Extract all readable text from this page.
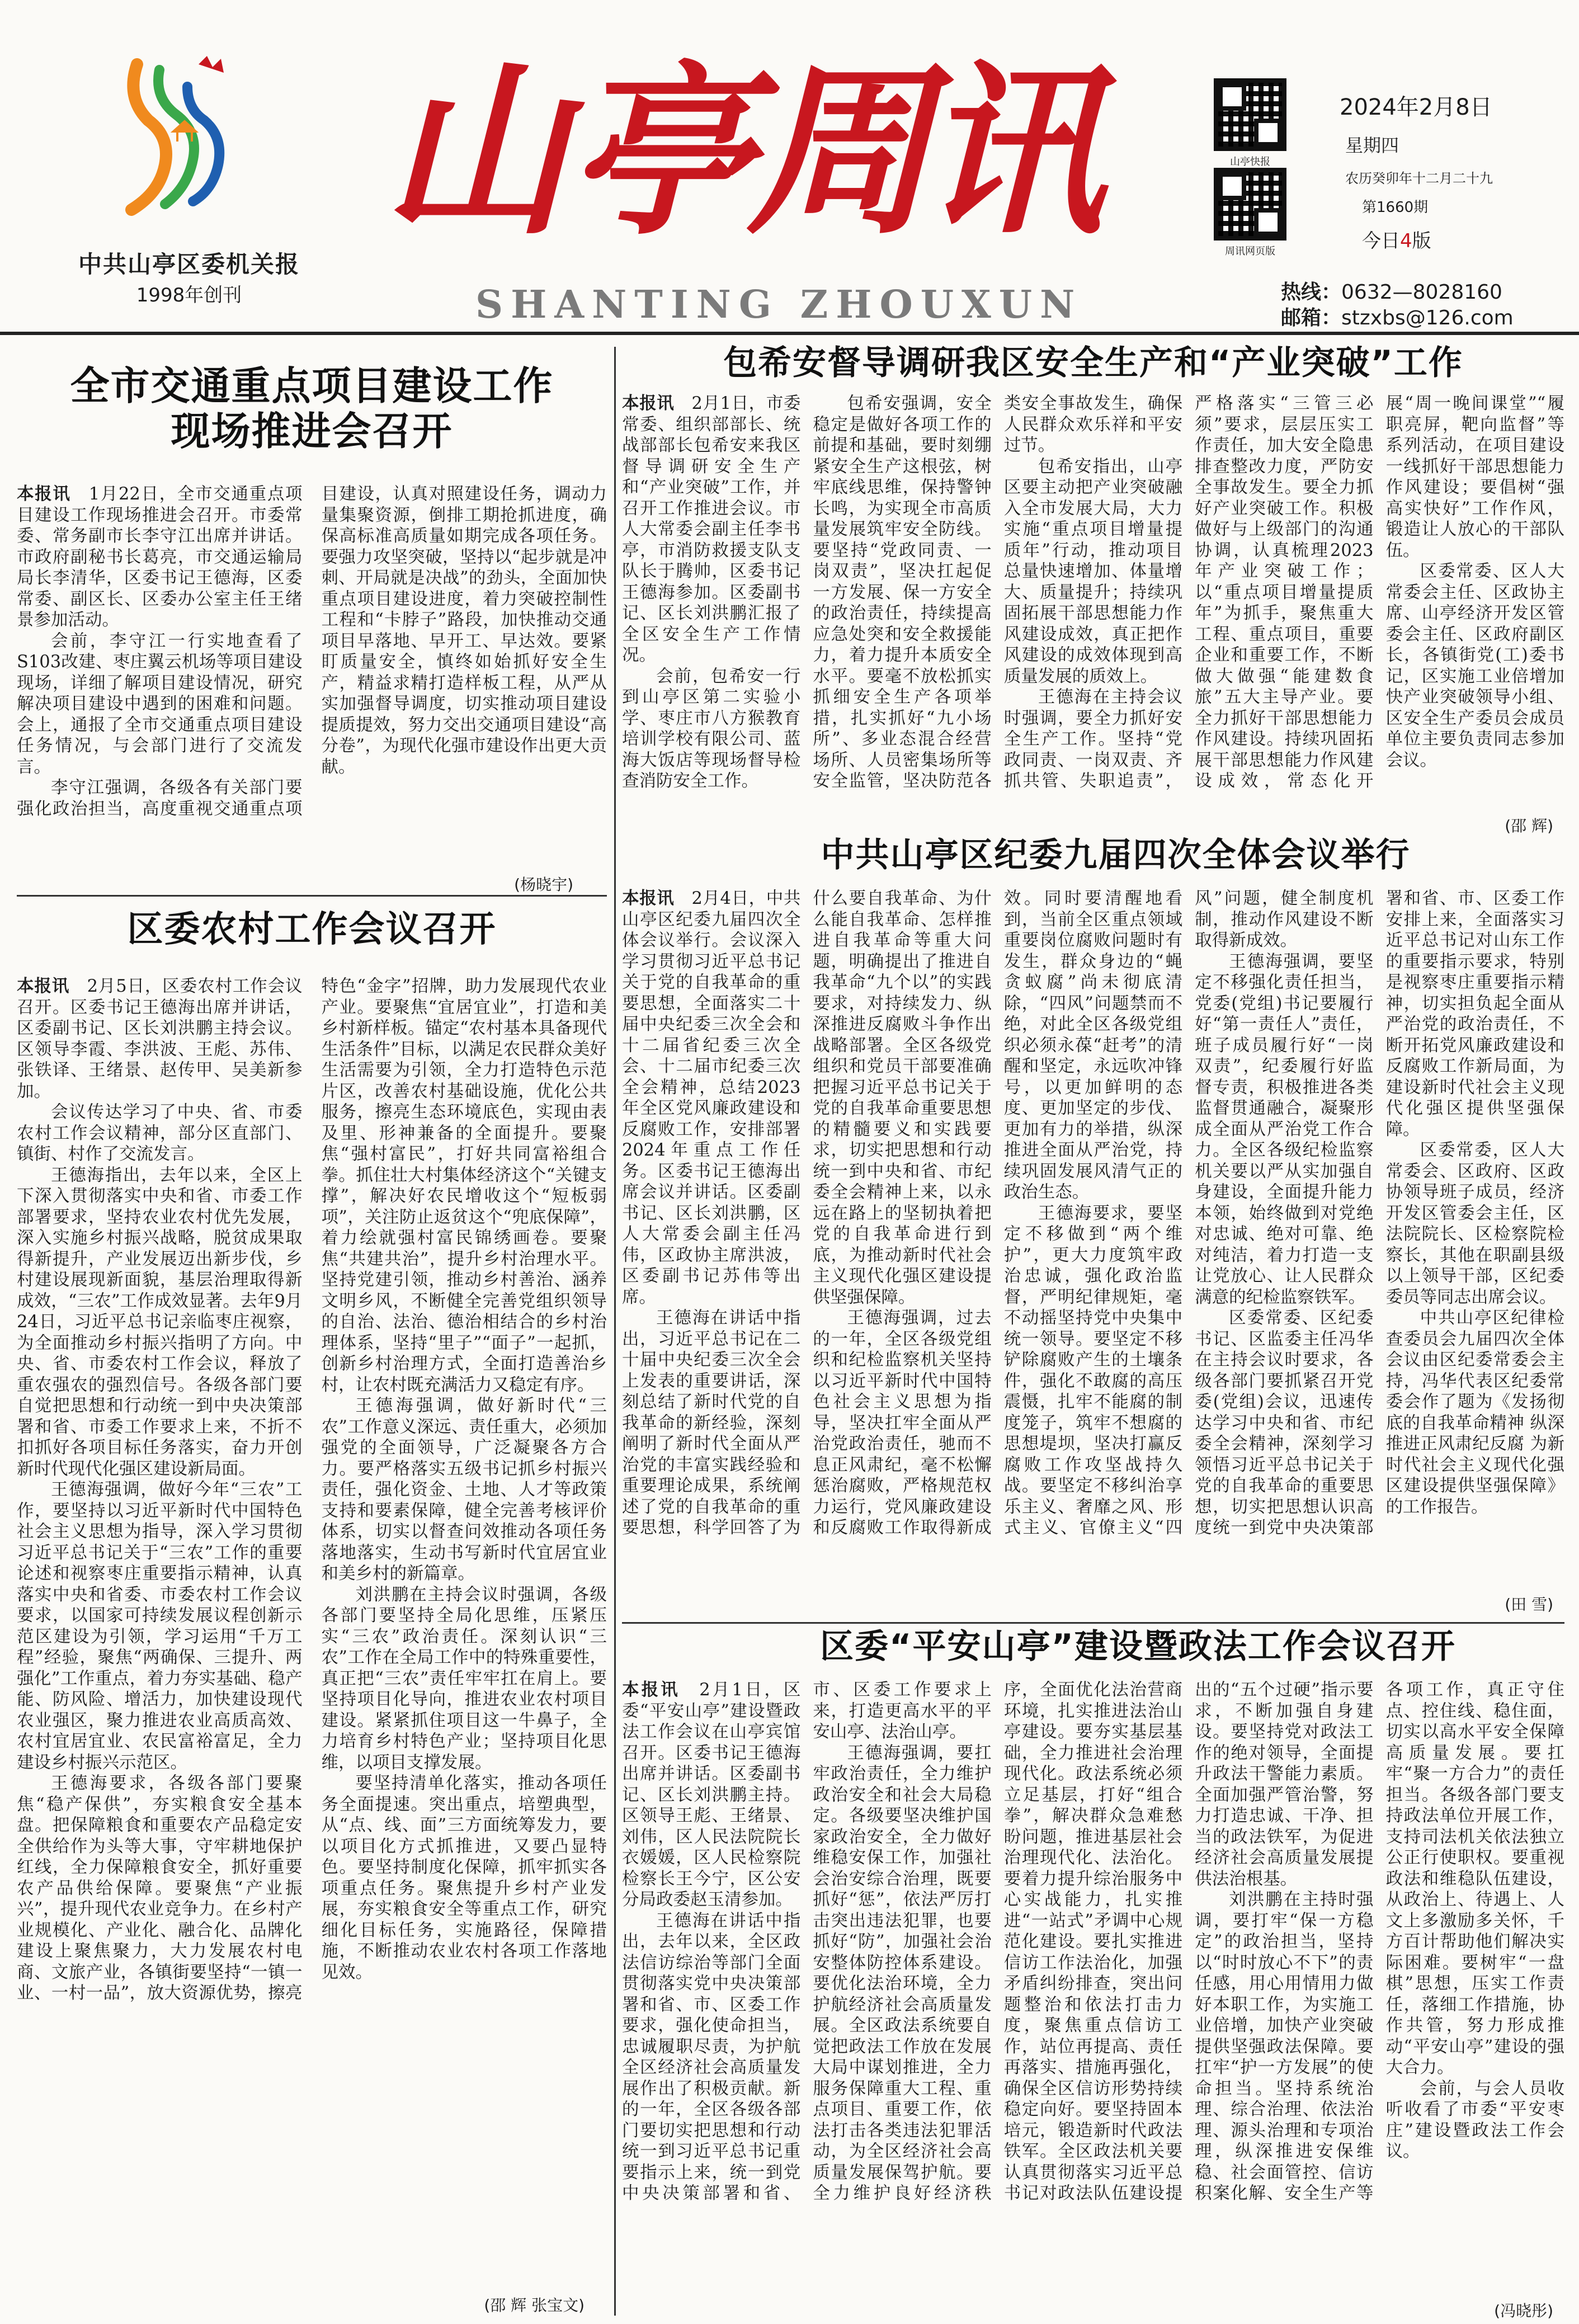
中共山亭区委机关报
1998年创刊
山 亭
周
讯
SHANTING ZHOUXUN
山亭快报
周讯网页版
2024年2月8日
星期四
农历癸卯年十二月二十九
第1660期
今日4版
热线：0632—8028160
邮箱：stzxbs@126.com
全市交通重点项目建设工作现场推进会召开

本报讯　 1月22日，全市交通重点项目建设工作现场推进会召开。市委常委、常务副市长李守江出席并讲话。市政府副秘书长葛亮，市交通运输局局长李清华，区委书记王德海，区委常委、副区长、区委办公室主任王绪景参加活动。

会前，李守江一行实地查看了S103改建、枣庄翼云机场等项目建设现场，详细了解项目建设情况，研究解决项目建设中遇到的困难和问题。会上，通报了全市交通重点项目建设任务情况，与会部门进行了交流发言。

李守江强调，各级各有关部门要强化政治担当，高度重视交通重点项目建设，认真对照建设任务，调动力量集聚资源，倒排工期抢抓进度，确保高标准高质量如期完成各项任务。要强力攻坚突破，坚持以“起步就是冲刺、开局就是决战”的劲头，全面加快重点项目建设进度，着力突破控制性工程和“卡脖子”路段，加快推动交通项目早落地、早开工、早达效。要紧盯质量安全，慎终如始抓好安全生产，精益求精打造样板工程，从严从实加强督导调度，切实推动项目建设提质提效，努力交出交通项目建设“高分卷”，为现代化强市建设作出更大贡献。

(杨晓宇)
区委农村工作会议召开

本报讯　 2月5日，区委农村工作会议召开。区委书记王德海出席并讲话，区委副书记、区长刘洪鹏主持会议。区领导李霞、李洪波、王彪、苏伟、张铁译、王绪景、赵传甲、吴美新参加。

会议传达学习了中央、省、市委农村工作会议精神，部分区直部门、镇街、村作了交流发言。

王德海指出，去年以来，全区上下深入贯彻落实中央和省、市委工作部署要求，坚持农业农村优先发展，深入实施乡村振兴战略，脱贫成果取得新提升，产业发展迈出新步伐，乡村建设展现新面貌，基层治理取得新成效，“三农”工作成效显著。去年9月24日，习近平总书记亲临枣庄视察，为全面推动乡村振兴指明了方向。中央、省、市委农村工作会议，释放了重农强农的强烈信号。各级各部门要自觉把思想和行动统一到中央决策部署和省、市委工作要求上来，不折不扣抓好各项目标任务落实，奋力开创新时代现代化强区建设新局面。

王德海强调，做好今年“三农”工作，要坚持以习近平新时代中国特色社会主义思想为指导，深入学习贯彻习近平总书记关于“三农”工作的重要论述和视察枣庄重要指示精神，认真落实中央和省委、市委农村工作会议要求，以国家可持续发展议程创新示范区建设为引领，学习运用“千万工程”经验，聚焦“两确保、三提升、两强化”工作重点，着力夯实基础、稳产能、防风险、增活力，加快建设现代农业强区，聚力推进农业高质高效、农村宜居宜业、农民富裕富足，全力建设乡村振兴示范区。

王德海要求，各级各部门要聚焦“稳产保供”，夯实粮食安全基本盘。把保障粮食和重要农产品稳定安全供给作为头等大事，守牢耕地保护红线，全力保障粮食安全，抓好重要农产品供给保障。要聚焦“产业振兴”，提升现代农业竞争力。在乡村产业规模化、产业化、融合化、品牌化建设上聚焦聚力，大力发展农村电商、文旅产业，各镇街要坚持“一镇一业、一村一品”，放大资源优势，擦亮特色“金字”招牌，助力发展现代农业产业。要聚焦“宜居宜业”，打造和美乡村新样板。锚定“农村基本具备现代生活条件”目标，以满足农民群众美好生活需要为引领，全力打造特色示范片区，改善农村基础设施，优化公共服务，擦亮生态环境底色，实现由表及里、形神兼备的全面提升。要聚焦“强村富民”，打好共同富裕组合拳。抓住壮大村集体经济这个“关键支撑”，解决好农民增收这个“短板弱项”，关注防止返贫这个“兜底保障”，着力绘就强村富民锦绣画卷。要聚焦“共建共治”，提升乡村治理水平。坚持党建引领，推动乡村善治、涵养文明乡风，不断健全完善党组织领导的自治、法治、德治相结合的乡村治理体系，坚持“里子”“面子”一起抓，创新乡村治理方式，全面打造善治乡村，让农村既充满活力又稳定有序。

王德海强调，做好新时代“三农”工作意义深远、责任重大，必须加强党的全面领导，广泛凝聚各方合力。要严格落实五级书记抓乡村振兴责任，强化资金、土地、人才等政策支持和要素保障，健全完善考核评价体系，切实以督查问效推动各项任务落地落实，生动书写新时代宜居宜业和美乡村的新篇章。

刘洪鹏在主持会议时强调，各级各部门要坚持全局化思维，压紧压实“三农”政治责任。深刻认识“三农”工作在全局工作中的特殊重要性，真正把“三农”责任牢牢扛在肩上。要坚持项目化导向，推进农业农村项目建设。紧紧抓住项目这一牛鼻子，全力培育乡村特色产业；坚持项目化思维，以项目支撑发展。

要坚持清单化落实，推动各项任务全面提速。突出重点，培塑典型，从“点、线、面”三方面统筹发力，要以项目化方式抓推进，又要凸显特色。要坚持制度化保障，抓牢抓实各项重点任务。聚焦提升乡村产业发展，夯实粮食安全等重点工作，研究细化目标任务，实施路径，保障措施，不断推动农业农村各项工作落地见效。

(邵 辉 张宝文)
包希安督导调研我区安全生产和“产业突破”工作

本报讯　 2月1日，市委常委、组织部部长、统战部部长包希安来我区督导调研安全生产和“产业突破”工作，并召开工作推进会议。市人大常委会副主任李书亭，市消防救援支队支队长于腾帅，区委书记王德海参加。区委副书记、区长刘洪鹏汇报了全区安全生产工作情况。

会前，包希安一行到山亭区第二实验小学、枣庄市八方猴教育培训学校有限公司、蓝海大饭店等现场督导检查消防安全工作。

包希安强调，安全稳定是做好各项工作的前提和基础，要时刻绷紧安全生产这根弦，树牢底线思维，保持警钟长鸣，为实现全市高质量发展筑牢安全防线。要坚持“党政同责、一岗双责”，坚决扛起促一方发展、保一方安全的政治责任，持续提高应急处突和安全救援能力，着力提升本质安全水平。要毫不放松抓实抓细安全生产各项举措，扎实抓好“九小场所”、多业态混合经营场所、人员密集场所等安全监管，坚决防范各类安全事故发生，确保人民群众欢乐祥和平安过节。

包希安指出，山亭区要主动把产业突破融入全市发展大局，大力实施“重点项目增量提质年”行动，推动项目总量快速增加、体量增大、质量提升；持续巩固拓展干部思想能力作风建设成效，真正把作风建设的成效体现到高质量发展的质效上。

王德海在主持会议时强调，要全力抓好安全生产工作。坚持“党政同责、一岗双责、齐抓共管、失职追责”，严格落实“三管三必须”要求，层层压实工作责任，加大安全隐患排查整改力度，严防安全事故发生。要全力抓好产业突破工作。积极做好与上级部门的沟通协调，认真梳理2023年产业突破工作；以“重点项目增量提质年”为抓手，聚焦重大工程、重点项目，重要企业和重要工作，不断做大做强“能建数食旅”五大主导产业。要全力抓好干部思想能力作风建设。持续巩固拓展干部思想能力作风建设成效，常态化开展“周一晚间课堂”“履职亮屏，靶向监督”等系列活动，在项目建设一线抓好干部思想能力作风建设；要倡树“强高实快好”工作作风，锻造让人放心的干部队伍。

区委常委、区人大常委会主任、区政协主席、山亭经济开发区管委会主任、区政府副区长，各镇街党(工)委书记，区实施工业倍增加快产业突破领导小组、区安全生产委员会成员单位主要负责同志参加会议。

(邵 辉)
中共山亭区纪委九届四次全体会议举行

本报讯　 2月4日，中共山亭区纪委九届四次全体会议举行。会议深入学习贯彻习近平总书记关于党的自我革命的重要思想，全面落实二十届中央纪委三次全会和十二届省纪委三次全会、十二届市纪委三次全会精神，总结2023年全区党风廉政建设和反腐败工作，安排部署2024年重点工作任务。区委书记王德海出席会议并讲话。区委副书记、区长刘洪鹏，区人大常委会副主任冯伟，区政协主席洪波，区委副书记苏伟等出席。

王德海在讲话中指出，习近平总书记在二十届中央纪委三次全会上发表的重要讲话，深刻总结了新时代党的自我革命的新经验，深刻阐明了新时代全面从严治党的丰富实践经验和重要理论成果，系统阐述了党的自我革命的重要思想，科学回答了为什么要自我革命、为什么能自我革命、怎样推进自我革命等重大问题，明确提出了推进自我革命“九个以”的实践要求，对持续发力、纵深推进反腐败斗争作出战略部署。全区各级党组织和党员干部要准确把握习近平总书记关于党的自我革命重要思想的精髓要义和实践要求，切实把思想和行动统一到中央和省、市纪委全会精神上来，以永远在路上的坚韧执着把党的自我革命进行到底，为推动新时代社会主义现代化强区建设提供坚强保障。

王德海强调，过去的一年，全区各级党组织和纪检监察机关坚持以习近平新时代中国特色社会主义思想为指导，坚决扛牢全面从严治党政治责任，驰而不息正风肃纪，毫不松懈惩治腐败，严格规范权力运行，党风廉政建设和反腐败工作取得新成效。同时要清醒地看到，当前全区重点领域重要岗位腐败问题时有发生，群众身边的“蝇贪蚁腐”尚未彻底清除，“四风”问题禁而不绝，对此全区各级党组织必须永葆“赶考”的清醒和坚定，永远吹冲锋号，以更加鲜明的态度、更加坚定的步伐、更加有力的举措，纵深推进全面从严治党，持续巩固发展风清气正的政治生态。

王德海要求，要坚定不移做到“两个维护”，更大力度筑牢政治忠诚，强化政治监督，严明纪律规矩，毫不动摇坚持党中央集中统一领导。要坚定不移铲除腐败产生的土壤条件，强化不敢腐的高压震慑，扎牢不能腐的制度笼子，筑牢不想腐的思想堤坝，坚决打赢反腐败工作攻坚战持久战。要坚定不移纠治享乐主义、奢靡之风、形式主义、官僚主义“四风”问题，健全制度机制，推动作风建设不断取得新成效。

王德海强调，要坚定不移强化责任担当，党委(党组)书记要履行好“第一责任人”责任，班子成员履行好“一岗双责”，纪委履行好监督专责，积极推进各类监督贯通融合，凝聚形成全面从严治党工作合力。全区各级纪检监察机关要以严从实加强自身建设，全面提升能力本领，始终做到对党绝对忠诚、绝对可靠、绝对纯洁，着力打造一支让党放心、让人民群众满意的纪检监察铁军。

区委常委、区纪委书记、区监委主任冯华在主持会议时要求，各级各部门要抓紧召开党委(党组)会议，迅速传达学习中央和省、市纪委全会精神，深刻学习领悟习近平总书记关于党的自我革命的重要思想，切实把思想认识高度统一到党中央决策部署和省、市、区委工作安排上来，全面落实习近平总书记对山东工作的重要指示要求，特别是视察枣庄重要指示精神，切实担负起全面从严治党的政治责任，不断开拓党风廉政建设和反腐败工作新局面，为建设新时代社会主义现代化强区提供坚强保障。

区委常委，区人大常委会、区政府、区政协领导班子成员，经济开发区管委会主任，区法院院长、区检察院检察长，其他在职副县级以上领导干部，区纪委委员等同志出席会议。

中共山亭区纪律检查委员会九届四次全体会议由区纪委常委会主持，冯华代表区纪委常委会作了题为《发扬彻底的自我革命精神 纵深推进正风肃纪反腐 为新时代社会主义现代化强区建设提供坚强保障》的工作报告。

(田 雪)
区委“平安山亭”建设暨政法工作会议召开

本报讯　 2月1日，区委“平安山亭”建设暨政法工作会议在山亭宾馆召开。区委书记王德海出席并讲话。区委副书记、区长刘洪鹏主持。区领导王彪、王绪景、刘伟，区人民法院院长衣媛媛，区人民检察院检察长王今宁，区公安分局政委赵玉清参加。

王德海在讲话中指出，去年以来，全区政法信访综治等部门全面贯彻落实党中央决策部署和省、市、区委工作要求，强化使命担当，忠诚履职尽责，为护航全区经济社会高质量发展作出了积极贡献。新的一年，全区各级各部门要切实把思想和行动统一到习近平总书记重要指示上来，统一到党中央决策部署和省、市、区委工作要求上来，打造更高水平的平安山亭、法治山亭。

王德海强调，要扛牢政治责任，全力维护政治安全和社会大局稳定。各级要坚决维护国家政治安全，全力做好维稳安保工作，加强社会治安综合治理，既要抓好“惩”，依法严厉打击突出违法犯罪，也要抓好“防”，加强社会治安整体防控体系建设。要优化法治环境，全力护航经济社会高质量发展。全区政法系统要自觉把政法工作放在发展大局中谋划推进，全力服务保障重大工程、重点项目、重要工作，依法打击各类违法犯罪活动，为全区经济社会高质量发展保驾护航。要全力维护良好经济秩序，全面优化法治营商环境，扎实推进法治山亭建设。要夯实基层基础，全力推进社会治理现代化。政法系统必须立足基层，打好“组合拳”，解决群众急难愁盼问题，推进基层社会治理现代化、法治化。要着力提升综治服务中心实战能力，扎实推进“一站式”矛调中心规范化建设。要扎实推进信访工作法治化，加强矛盾纠纷排查，突出问题整治和依法打击力度，聚焦重点信访工作，站位再提高、责任再落实、措施再强化，确保全区信访形势持续稳定向好。要坚持固本培元，锻造新时代政法铁军。全区政法机关要认真贯彻落实习近平总书记对政法队伍建设提出的“五个过硬”指示要求，不断加强自身建设。要坚持党对政法工作的绝对领导，全面提升政法干警能力素质。全面加强严管治警，努力打造忠诚、干净、担当的政法铁军，为促进经济社会高质量发展提供法治根基。

刘洪鹏在主持时强调，要打牢“保一方稳定”的政治担当，坚持以“时时放心不下”的责任感，用心用情用力做好本职工作，为实施工业倍增，加快产业突破提供坚强政法保障。要扛牢“护一方发展”的使命担当。坚持系统治理、综合治理、依法治理、源头治理和专项治理，纵深推进安保维稳、社会面管控、信访积案化解、安全生产等各项工作，真正守住点、控住线、稳住面，切实以高水平安全保障高质量发展。要扛牢“聚一方合力”的责任担当。各级各部门要支持政法单位开展工作，支持司法机关依法独立公正行使职权。要重视政法和维稳队伍建设，从政治上、待遇上、人文上多激励多关怀，千方百计帮助他们解决实际困难。要树牢“一盘棋”思想，压实工作责任，落细工作措施，协作共管，努力形成推动“平安山亭”建设的强大合力。

会前，与会人员收听收看了市委“平安枣庄”建设暨政法工作会议。

(冯晓彤)
